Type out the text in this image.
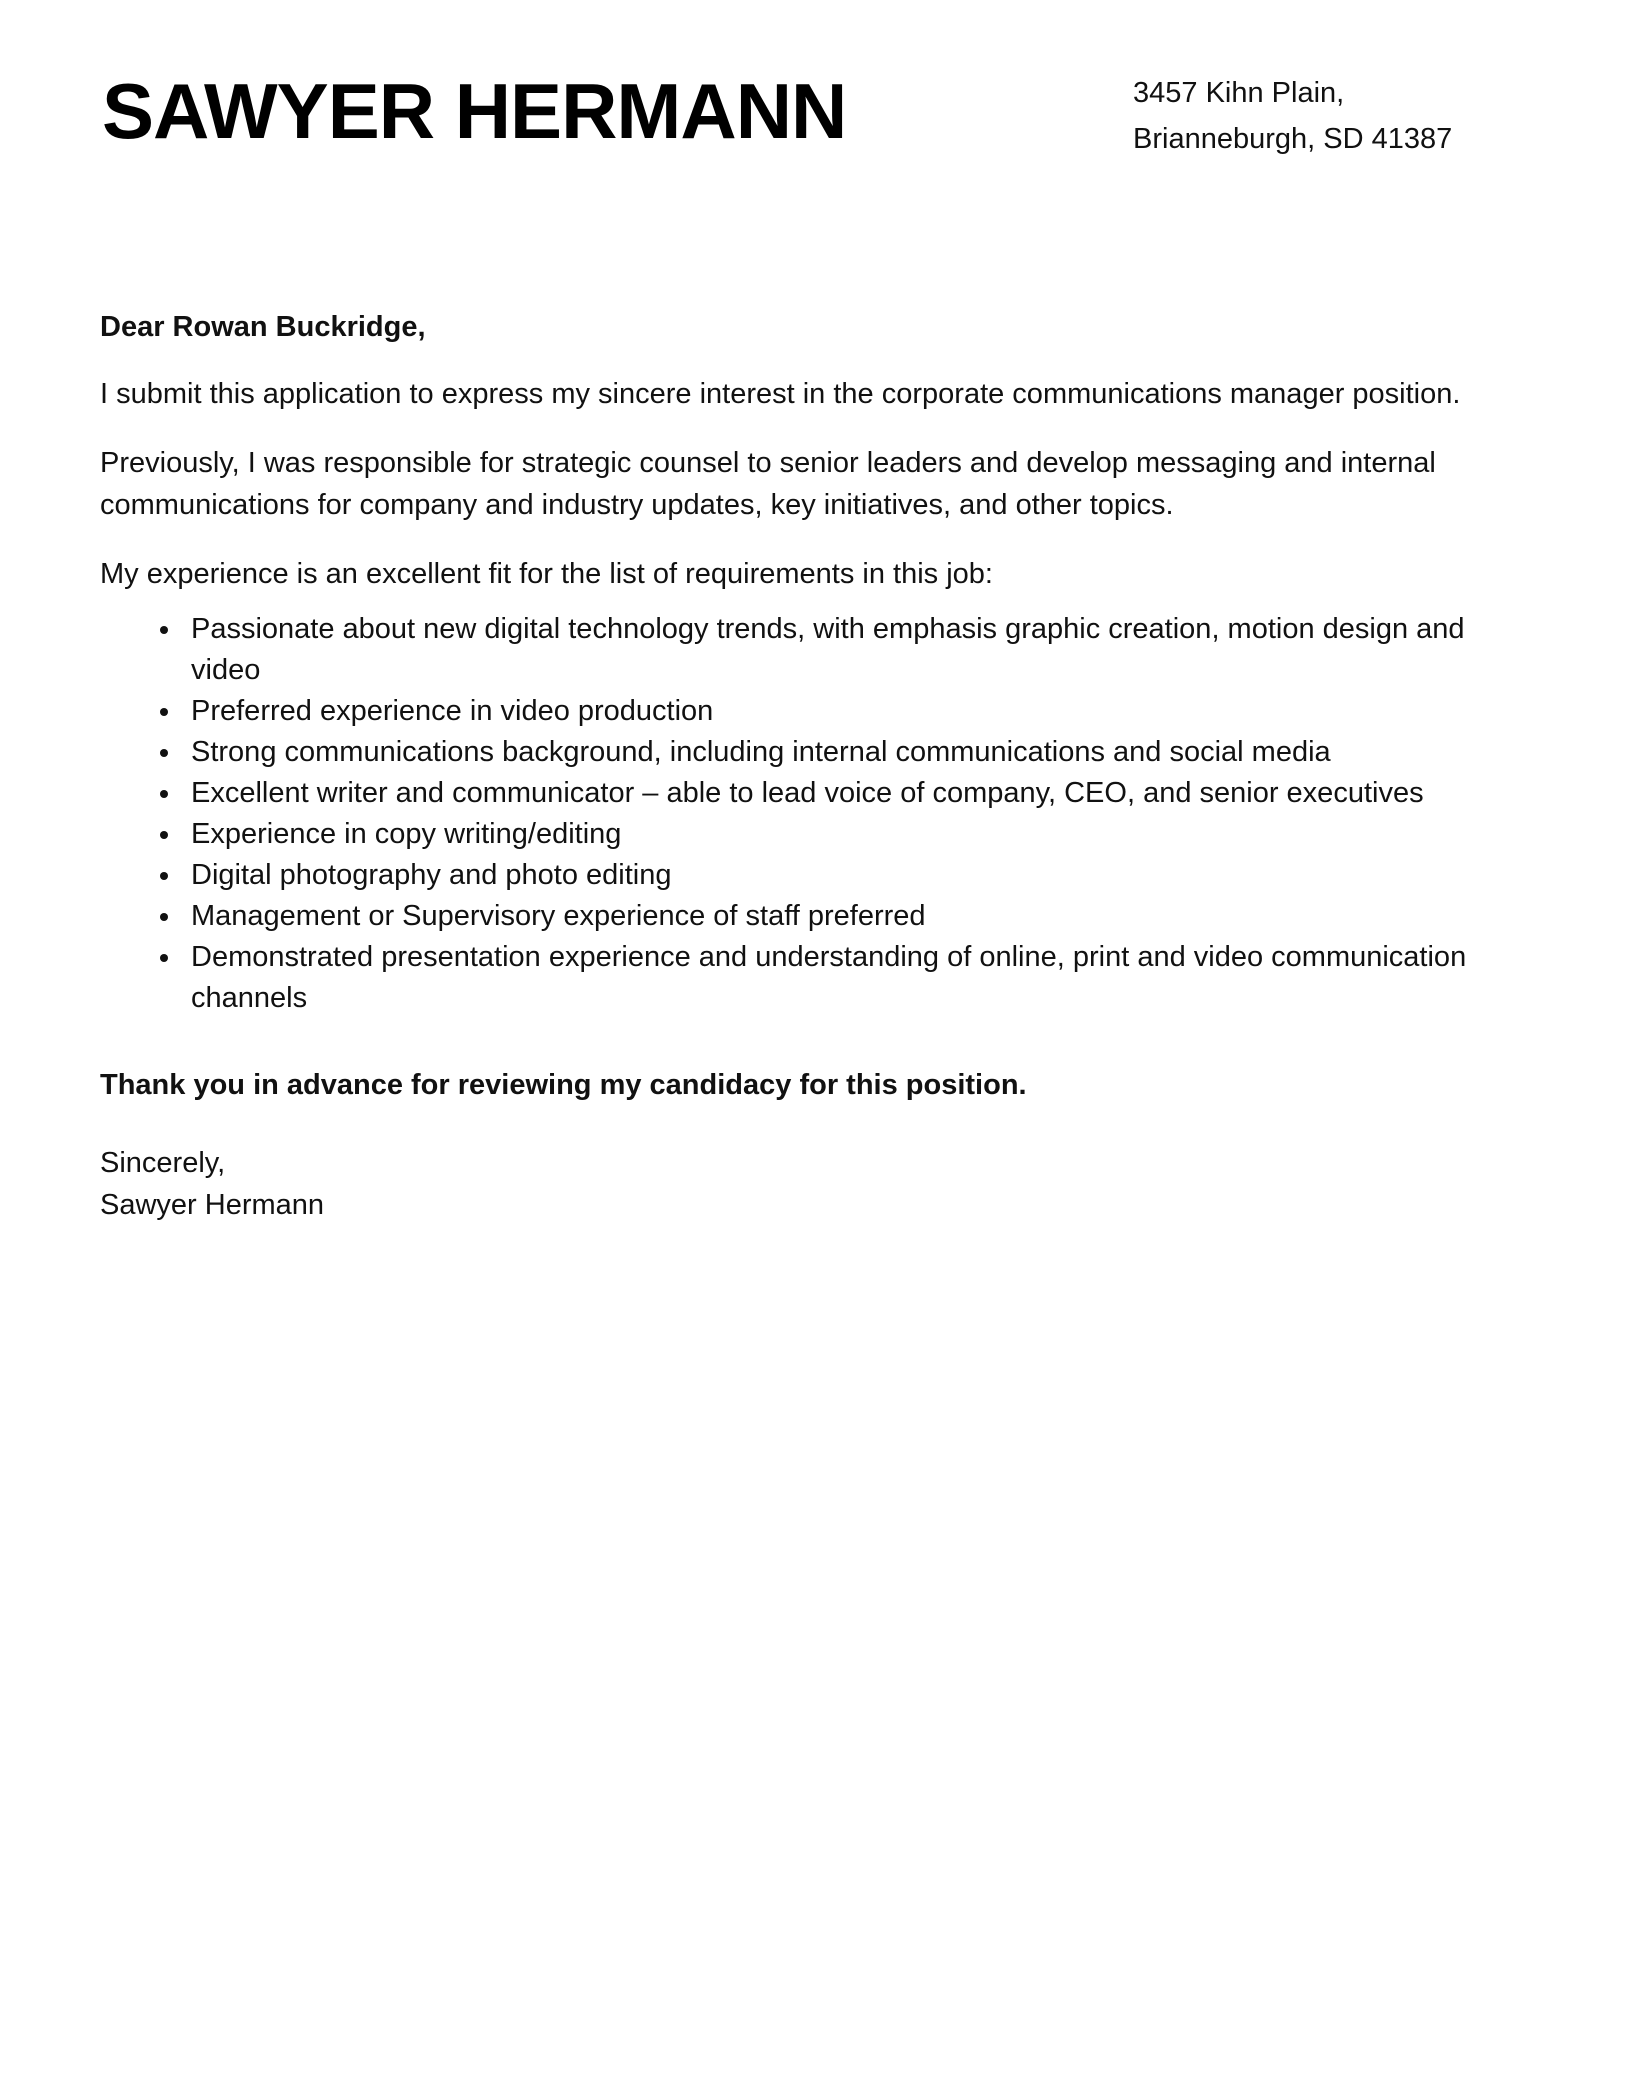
SAWYER HERMANN	3457 Kihn Plain,
Brianneburgh, SD 41387

Dear Rowan Buckridge,

I submit this application to express my sincere interest in the corporate communications manager position.

Previously, I was responsible for strategic counsel to senior leaders and develop messaging and internal communications for company and industry updates, key initiatives, and other topics.

My experience is an excellent fit for the list of requirements in this job:

• Passionate about new digital technology trends, with emphasis graphic creation, motion design and video
• Preferred experience in video production
• Strong communications background, including internal communications and social media
• Excellent writer and communicator – able to lead voice of company, CEO, and senior executives
• Experience in copy writing/editing
• Digital photography and photo editing
• Management or Supervisory experience of staff preferred
• Demonstrated presentation experience and understanding of online, print and video communication channels

Thank you in advance for reviewing my candidacy for this position.

Sincerely,

Sawyer Hermann
